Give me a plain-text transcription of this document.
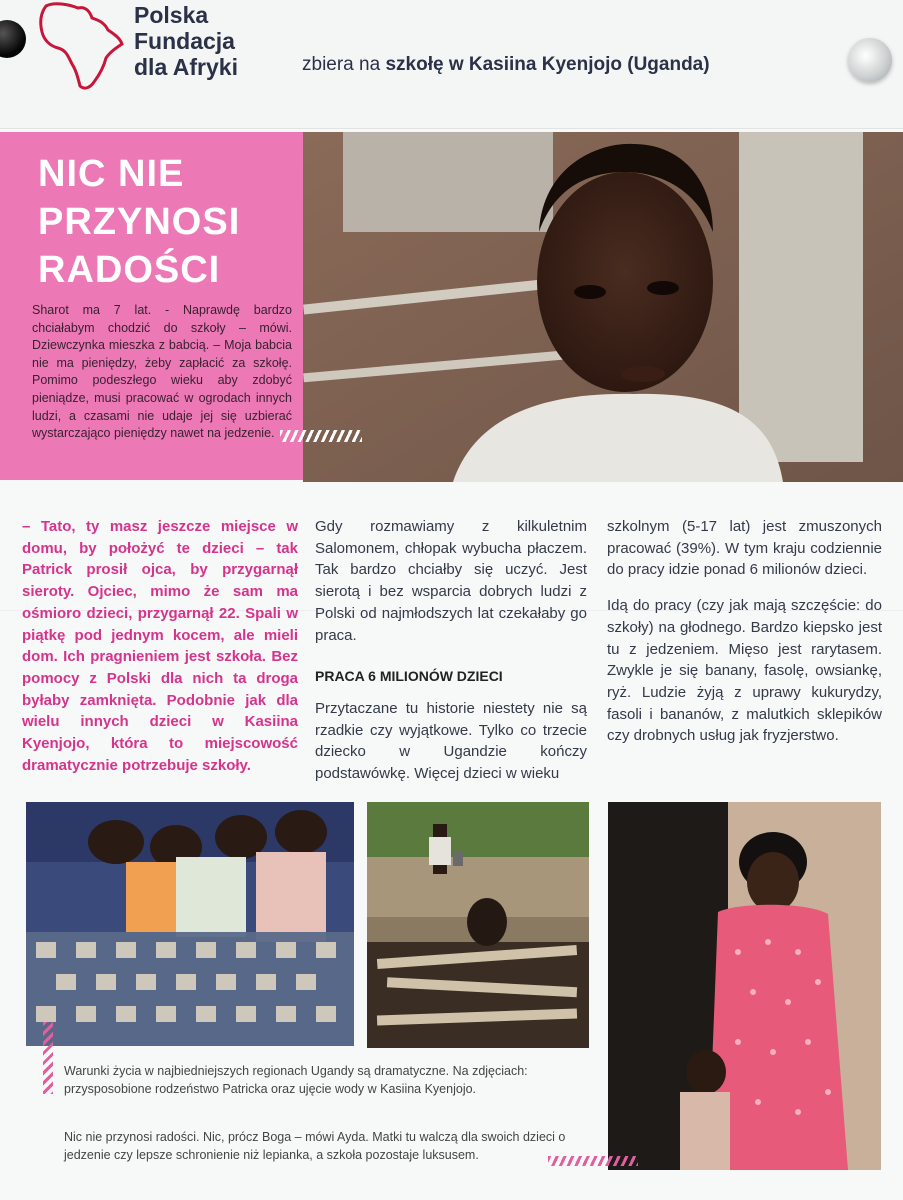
Polska
Fundacja
dla Afryki	zbiera na szkołę w Kasiina Kyenjojo (Uganda)
NIC NIE
PRZYNOSI
RADOŚCI
Sharot ma 7 lat. - Naprawdę bardzo chciałabym chodzić do szkoły – mówi. Dziewczynka mieszka z babcią. – Moja babcia nie ma pieniędzy, żeby zapłacić za szkołę. Pomimo podeszłego wieku aby zdobyć pieniądze, musi pracować w ogrodach innych ludzi, a czasami nie udaje jej się uzbierać wystarczająco pieniędzy nawet na jedzenie.

– Tato, ty masz jeszcze miejsce w domu, by położyć te dzieci – tak Patrick prosił ojca, by przygarnął sieroty. Ojciec, mimo że sam ma ośmioro dzieci, przygarnął 22. Spali w piątkę pod jednym kocem, ale mieli dom. Ich pragnieniem jest szkoła. Bez pomocy z Polski dla nich ta droga byłaby zamknięta. Podobnie jak dla wielu innych dzieci w Kasiina Kyenjojo, która to miejscowość dramatycznie potrzebuje szkoły.

Gdy rozmawiamy z kilkuletnim Salomonem, chłopak wybucha płaczem. Tak bardzo chciałby się uczyć. Jest sierotą i bez wsparcia dobrych ludzi z Polski od najmłodszych lat czekałaby go praca.

PRACA 6 MILIONÓW DZIECI

Przytaczane tu historie niestety nie są rzadkie czy wyjątkowe. Tylko co trzecie dziecko w Ugandzie kończy podstawówkę. Więcej dzieci w wieku

szkolnym (5-17 lat) jest zmuszonych pracować (39%). W tym kraju codziennie do pracy idzie ponad 6 milionów dzieci.

Idą do pracy (czy jak mają szczęście: do szkoły) na głodnego. Bardzo kiepsko jest tu z jedzeniem. Mięso jest rarytasem. Zwykle je się banany, fasolę, owsiankę, ryż. Ludzie żyją z uprawy kukurydzy, fasoli i bananów, z malutkich sklepików czy drobnych usług jak fryzjerstwo.

Warunki życia w najbiedniejszych regionach Ugandy są dramatyczne. Na zdjęciach: przysposobione rodzeństwo Patricka oraz ujęcie wody w Kasiina Kyenjojo.
Nic nie przynosi radości. Nic, prócz Boga – mówi Ayda. Matki tu walczą dla swoich dzieci o jedzenie czy lepsze schronienie niż lepianka, a szkoła pozostaje luksusem.
